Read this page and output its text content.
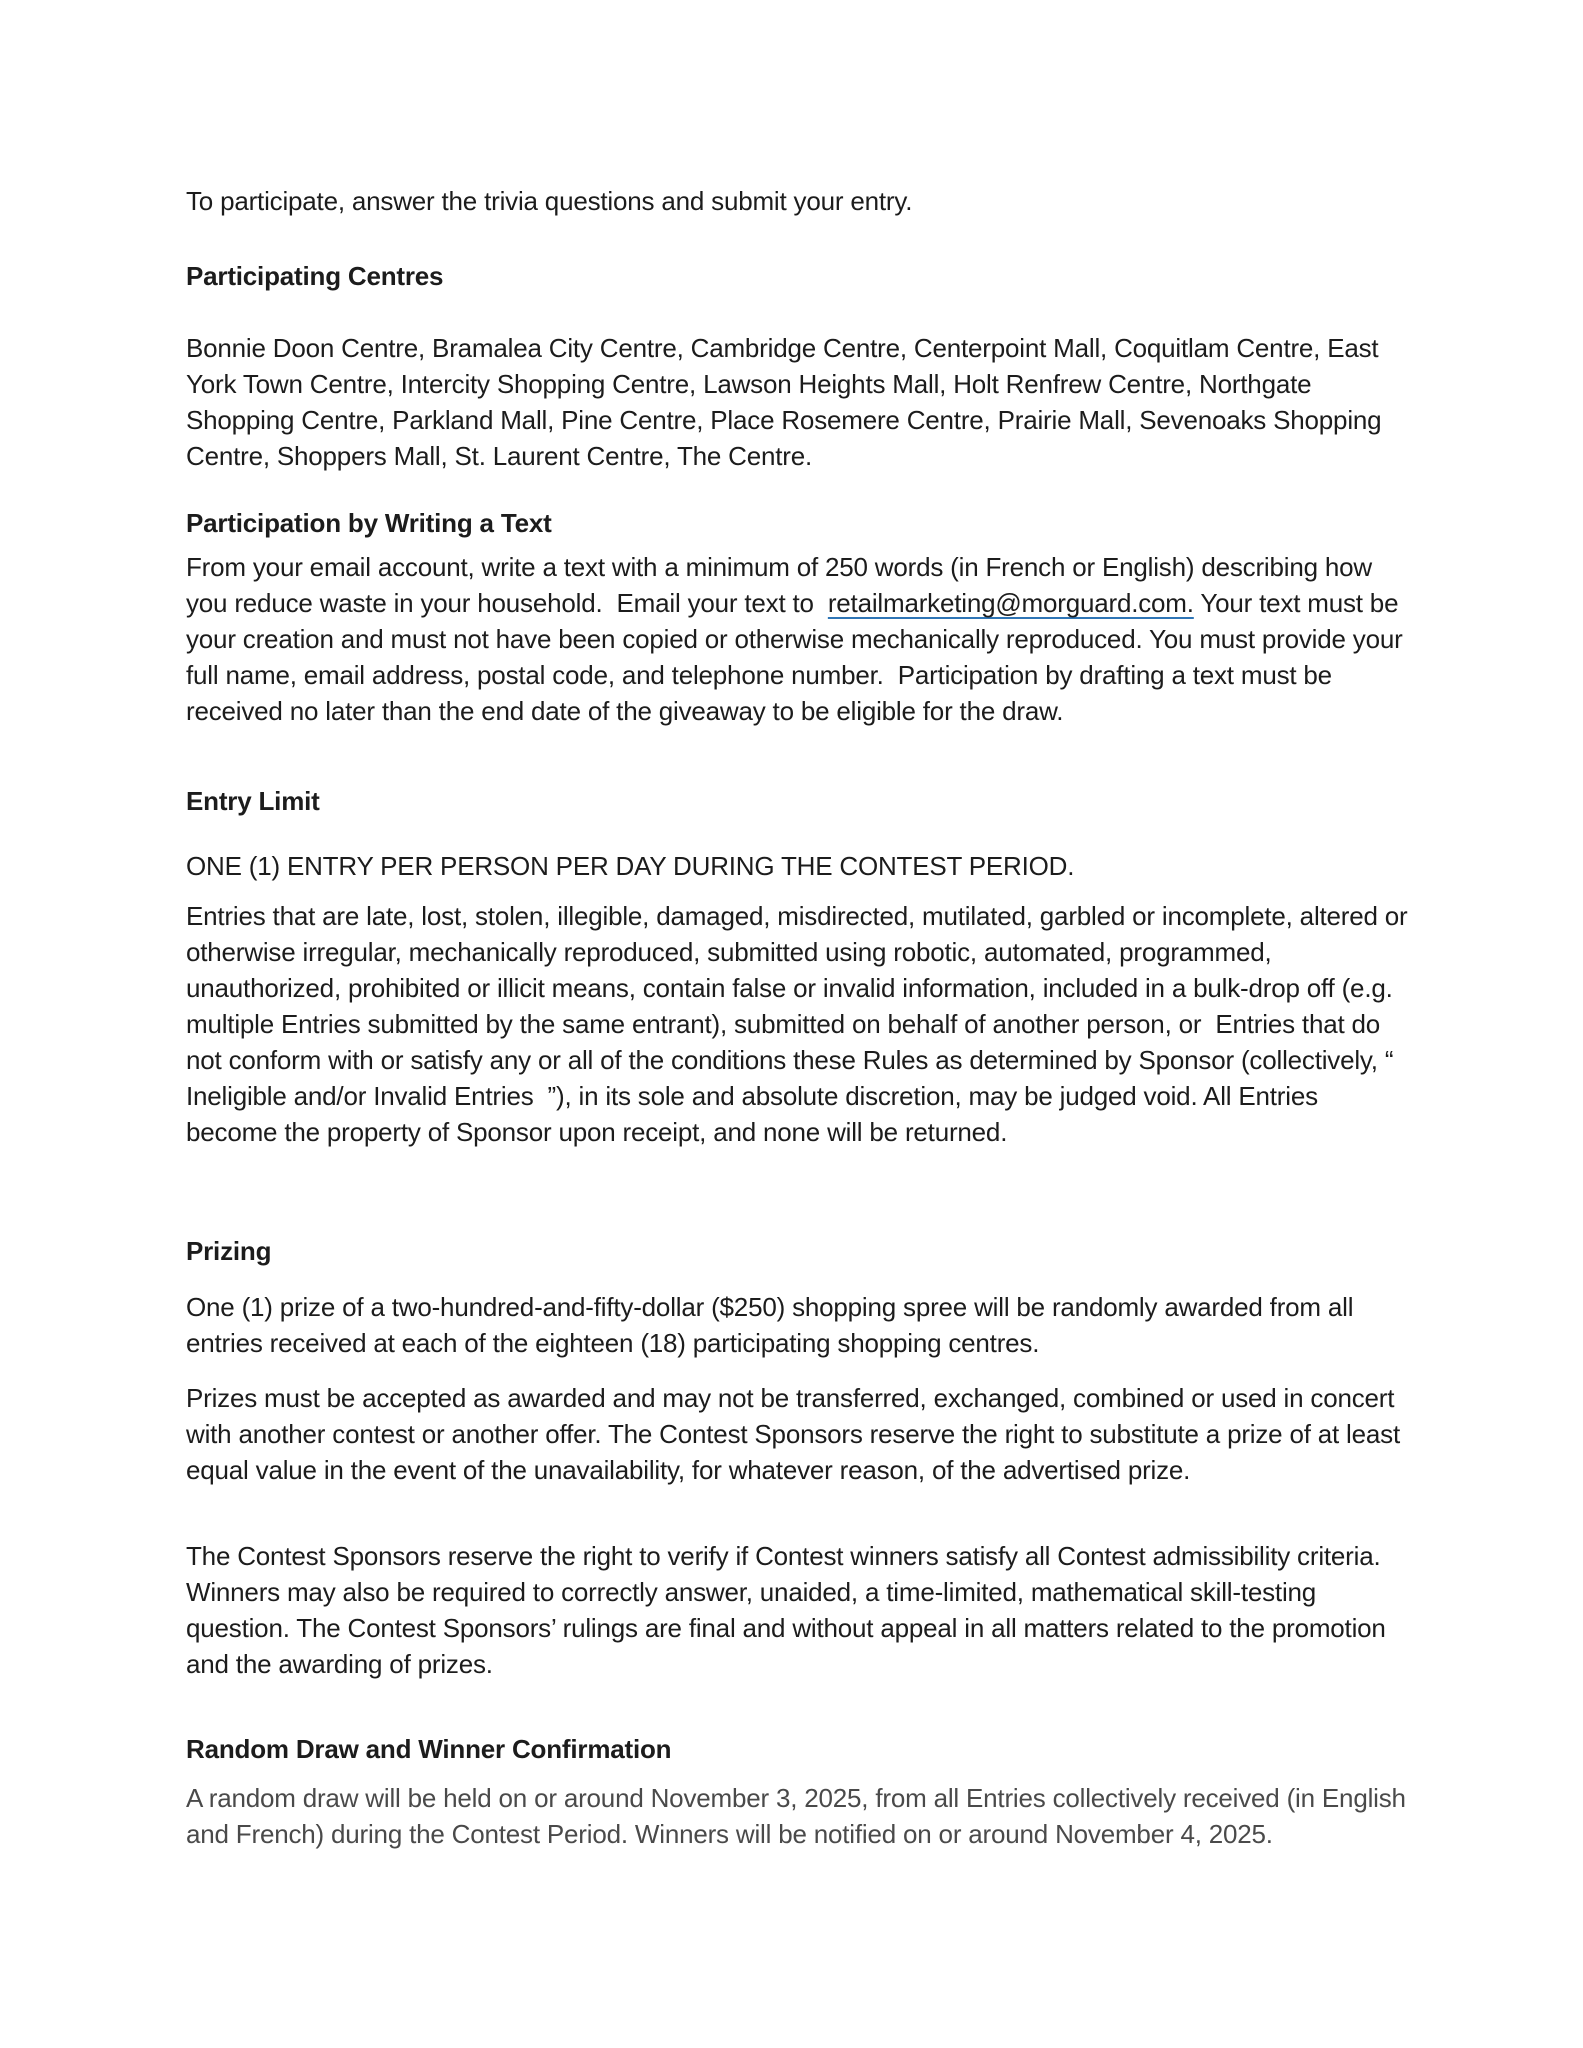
To participate, answer the trivia questions and submit your entry.

Participating Centres

Bonnie Doon Centre, Bramalea City Centre, Cambridge Centre, Centerpoint Mall, Coquitlam Centre, East York Town Centre, Intercity Shopping Centre, Lawson Heights Mall, Holt Renfrew Centre, Northgate Shopping Centre, Parkland Mall, Pine Centre, Place Rosemere Centre, Prairie Mall, Sevenoaks Shopping Centre, Shoppers Mall, St. Laurent Centre, The Centre.

Participation by Writing a Text

From your email account, write a text with a minimum of 250 words (in French or English) describing how you reduce waste in your household.  Email your text to  retailmarketing@morguard.com. Your text must be your creation and must not have been copied or otherwise mechanically reproduced. You must provide your full name, email address, postal code, and telephone number.  Participation by drafting a text must be received no later than the end date of the giveaway to be eligible for the draw.

Entry Limit

ONE (1) ENTRY PER PERSON PER DAY DURING THE CONTEST PERIOD.

Entries that are late, lost, stolen, illegible, damaged, misdirected, mutilated, garbled or incomplete, altered or otherwise irregular, mechanically reproduced, submitted using robotic, automated, programmed, unauthorized, prohibited or illicit means, contain false or invalid information, included in a bulk-drop off (e.g. multiple Entries submitted by the same entrant), submitted on behalf of another person, or  Entries that do not conform with or satisfy any or all of the conditions these Rules as determined by Sponsor (collectively, “  Ineligible and/or Invalid Entries  ”), in its sole and absolute discretion, may be judged void. All Entries become the property of Sponsor upon receipt, and none will be returned.

Prizing

One (1) prize of a two-hundred-and-fifty-dollar ($250) shopping spree will be randomly awarded from all entries received at each of the eighteen (18) participating shopping centres.

Prizes must be accepted as awarded and may not be transferred, exchanged, combined or used in concert with another contest or another offer. The Contest Sponsors reserve the right to substitute a prize of at least equal value in the event of the unavailability, for whatever reason, of the advertised prize.

The Contest Sponsors reserve the right to verify if Contest winners satisfy all Contest admissibility criteria. Winners may also be required to correctly answer, unaided, a time-limited, mathematical skill-testing question. The Contest Sponsors’ rulings are final and without appeal in all matters related to the promotion and the awarding of prizes.

Random Draw and Winner Confirmation

A random draw will be held on or around November 3, 2025, from all Entries collectively received (in English and French) during the Contest Period. Winners will be notified on or around November 4, 2025.
